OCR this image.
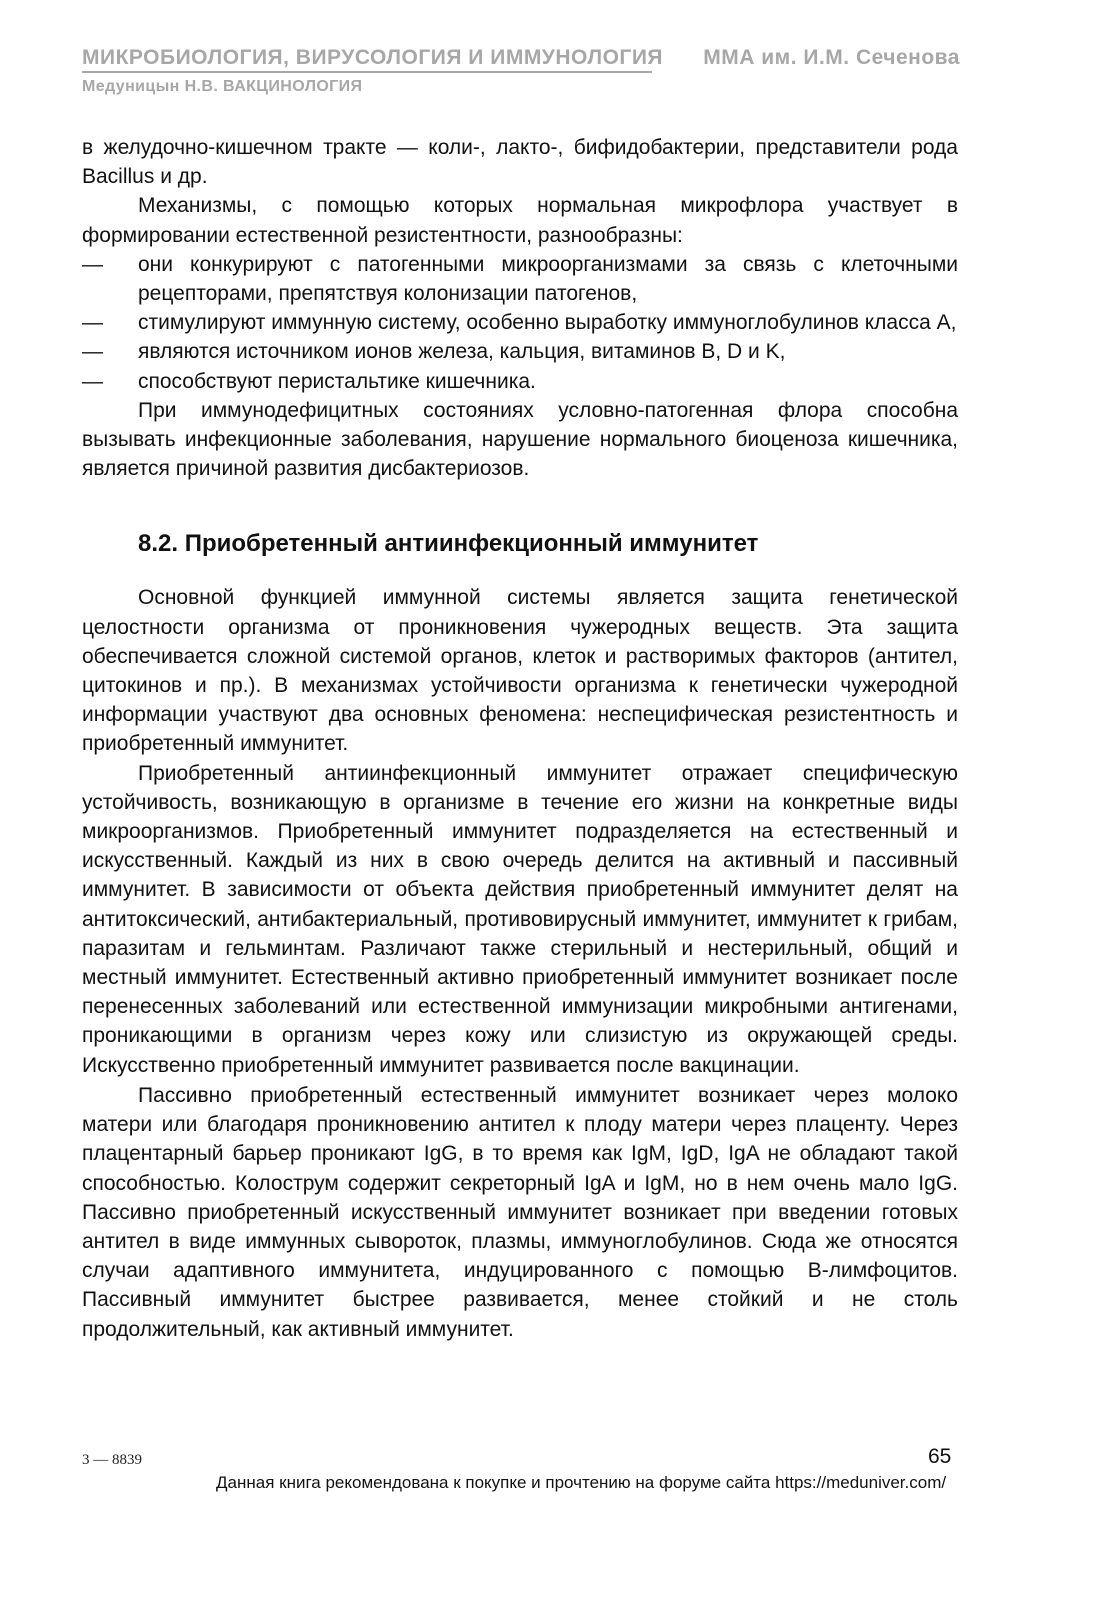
МИКРОБИОЛОГИЯ, ВИРУСОЛОГИЯ И ИММУНОЛОГИЯ ММА им. И.М. Сеченова
Медуницын Н.В. ВАКЦИНОЛОГИЯ

в желудочно-кишечном тракте — коли-, лакто-, бифидобактерии, представители рода Bacillus и др.

Механизмы, с помощью которых нормальная микрофлора участвует в формировании естественной резистентности, разнообразны:

—	они конкурируют с патогенными микроорганизмами за связь с клеточными рецепторами, препятствуя колонизации патогенов,
—	стимулируют иммунную систему, особенно выработку иммуноглобулинов класса А,
—	являются источником ионов железа, кальция, витаминов В, D и K,
—	способствуют перистальтике кишечника.

При иммунодефицитных состояниях условно-патогенная флора способна вызывать инфекционные заболевания, нарушение нормального биоценоза кишечника, является причиной развития дисбактериозов.

8.2. Приобретенный антиинфекционный иммунитет

Основной функцией иммунной системы является защита генетической целостности организма от проникновения чужеродных веществ. Эта защита обеспечивается сложной системой органов, клеток и растворимых факторов (антител, цитокинов и пр.). В механизмах устойчивости организма к генетически чужеродной информации участвуют два основных феномена: неспецифическая резистентность и приобретенный иммунитет.

Приобретенный антиинфекционный иммунитет отражает специфическую устойчивость, возникающую в организме в течение его жизни на конкретные виды микроорганизмов. Приобретенный иммунитет подразделяется на естественный и искусственный. Каждый из них в свою очередь делится на активный и пассивный иммунитет. В зависимости от объекта действия приобретенный иммунитет делят на антитоксический, антибактериальный, противовирусный иммунитет, иммунитет к грибам, паразитам и гельминтам. Различают также стерильный и нестерильный, общий и местный иммунитет. Естественный активно приобретенный иммунитет возникает после перенесенных заболеваний или естественной иммунизации микробными антигенами, проникающими в организм через кожу или слизистую из окружающей среды. Искусственно приобретенный иммунитет развивается после вакцинации.

Пассивно приобретенный естественный иммунитет возникает через молоко матери или благодаря проникновению антител к плоду матери через плаценту. Через плацентарный барьер проникают IgG, в то время как IgM, IgD, IgA не обладают такой способностью. Колострум содержит секреторный IgA и IgM, но в нем очень мало IgG. Пассивно приобретенный искусственный иммунитет возникает при введении готовых антител в виде иммунных сывороток, плазмы, иммуноглобулинов. Сюда же относятся случаи адаптивного иммунитета, индуцированного с помощью B-лимфоцитов. Пассивный иммунитет быстрее развивается, менее стойкий и не столь продолжительный, как активный иммунитет.

3 — 8839	65
Данная книга рекомендована к покупке и прочтению на форуме сайта https://meduniver.com/
